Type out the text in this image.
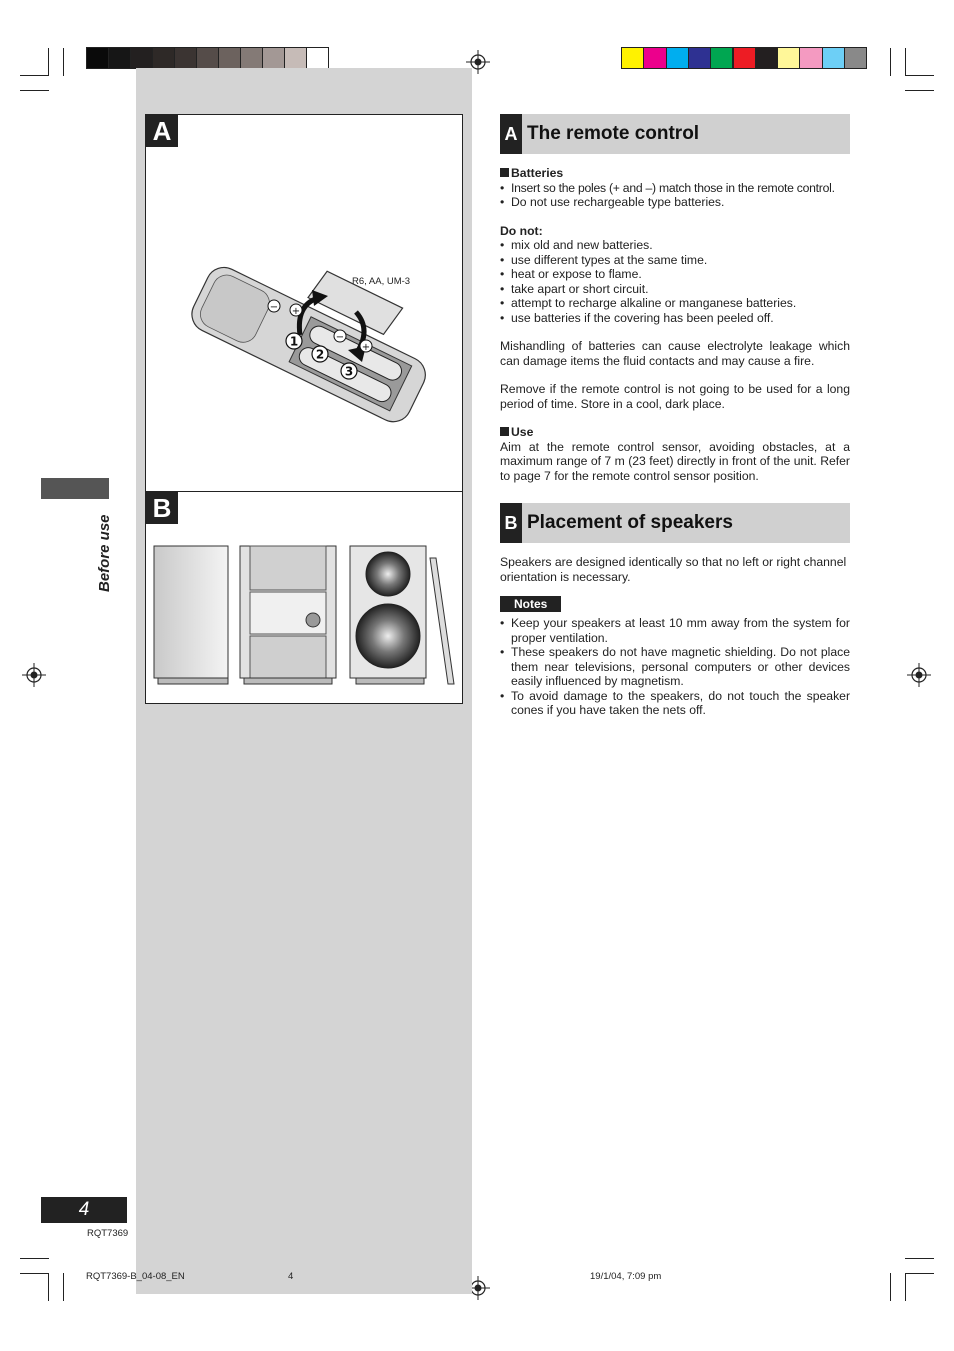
A
R6, AA, UM-3
+
−
+
−
1
2
3
B
Before use
A The remote control
Batteries
• Insert so the poles (+ and –) match those in the remote control.
• Do not use rechargeable type batteries.
Do not:
• mix old and new batteries.
• use different types at the same time.
• heat or expose to flame.
• take apart or short circuit.
• attempt to recharge alkaline or manganese batteries.
• use batteries if the covering has been peeled off.

Mishandling of batteries can cause electrolyte leakage which can damage items the fluid contacts and may cause a fire.

Remove if the remote control is not going to be used for a long period of time. Store in a cool, dark place.

Use

Aim at the remote control sensor, avoiding obstacles, at a maximum range of 7 m (23 feet) directly in front of the unit. Refer to page 7 for the remote control sensor position.

B Placement of speakers

Speakers are designed identically so that no left or right channel orientation is necessary.

Notes
• Keep your speakers at least 10 mm away from the system for proper ventilation.
• These speakers do not have magnetic shielding. Do not place them near televisions, personal computers or other devices easily influenced by magnetism.
• To avoid damage to the speakers, do not touch the speaker cones if you have taken the nets off.
4
RQT7369
RQT7369-B_04-08_EN	4	19/1/04, 7:09 pm
